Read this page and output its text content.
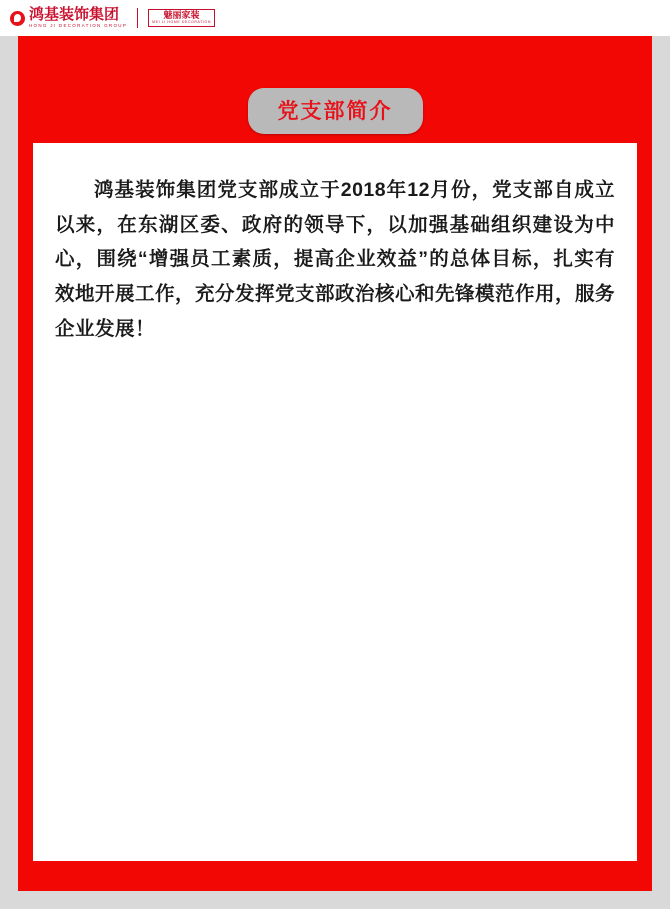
鸿基装饰集团
HONG JI DECORATION GROUP
魅丽家装
MEI LI HOME DECORATION
党支部简介

鸿基装饰集团党支部成立于2018年12月份，党支部自成立以来，在东湖区委、政府的领导下，以加强基础组织建设为中心，围绕“增强员工素质，提高企业效益”的总体目标，扎实有效地开展工作，充分发挥党支部政治核心和先锋模范作用，服务企业发展！
